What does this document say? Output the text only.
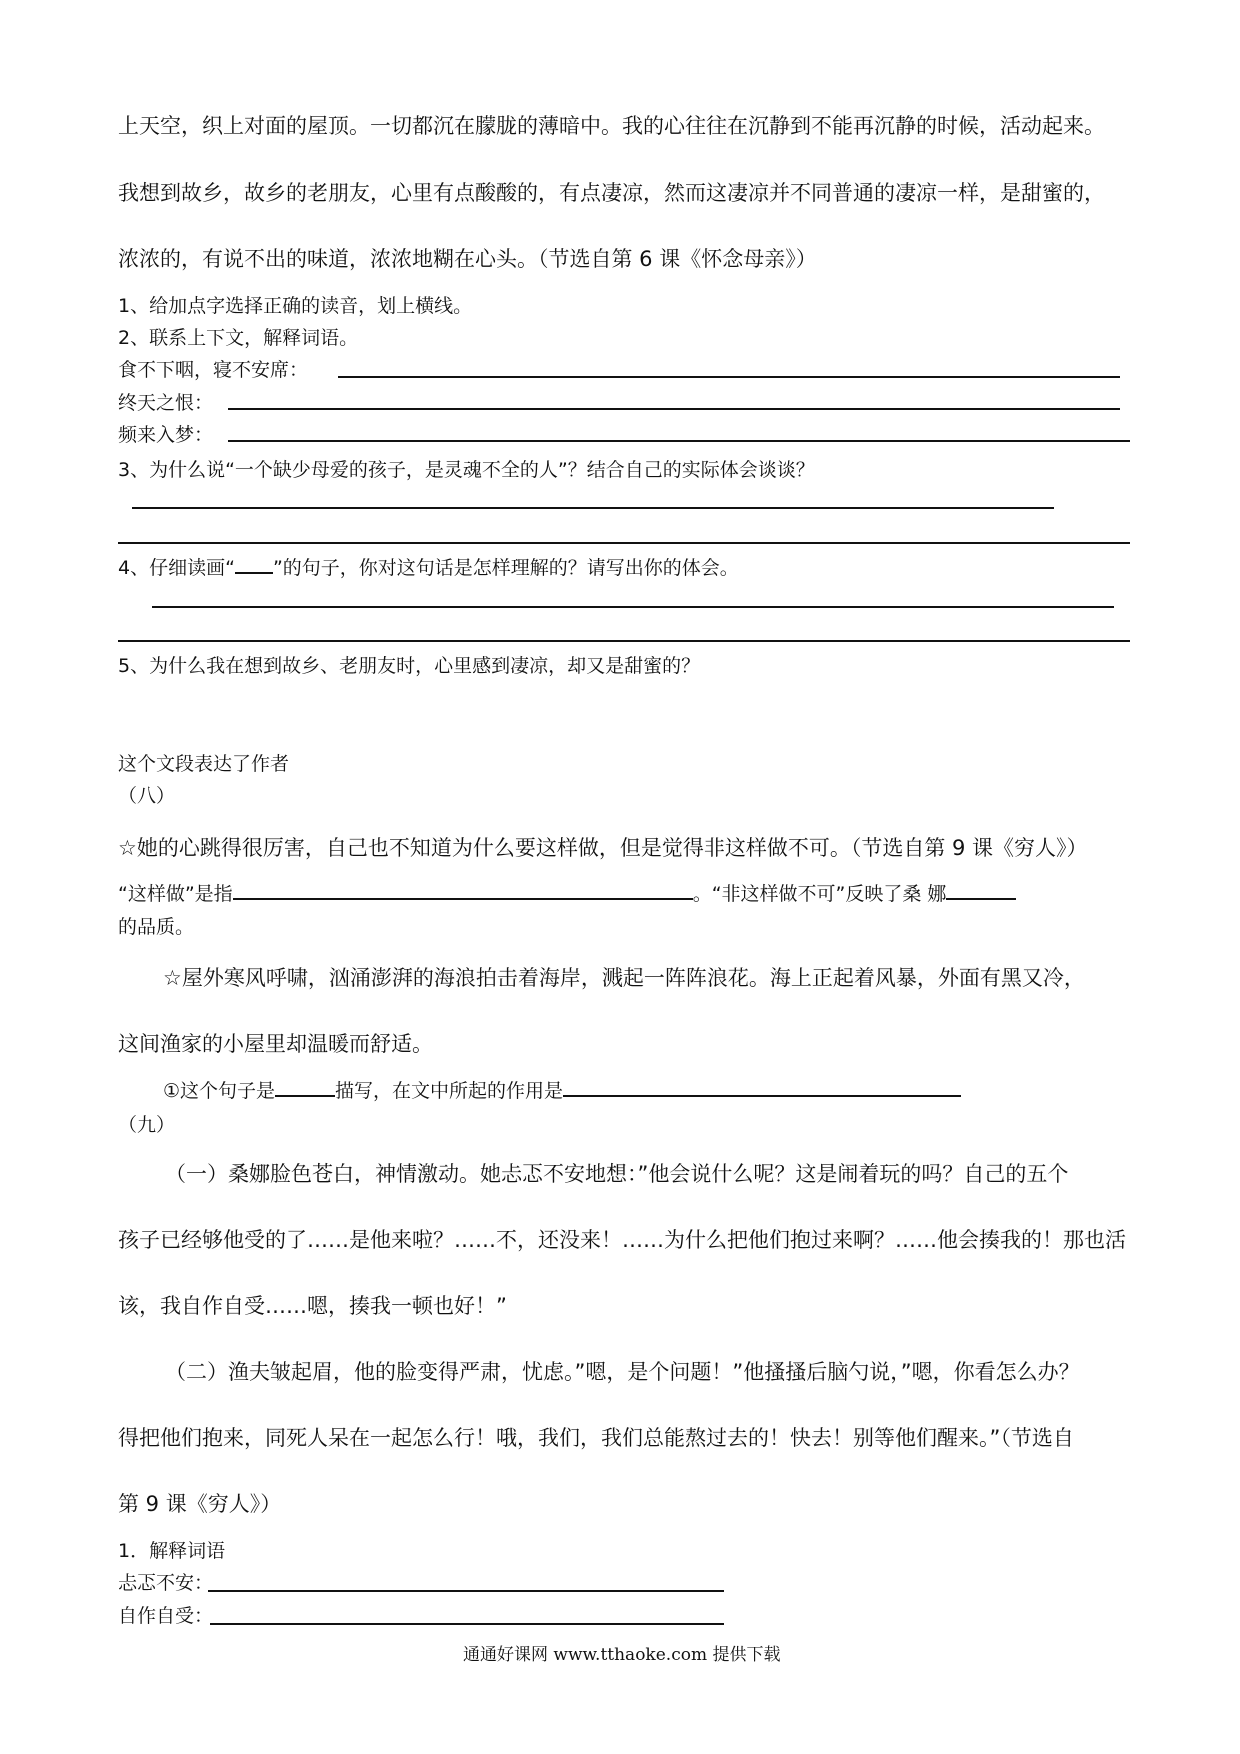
上天空，织上对面的屋顶。一切都沉在朦胧的薄暗中。我的心往往在沉静到不能再沉静的时候，活动起来。
我想到故乡，故乡的老朋友，心里有点酸酸的，有点凄凉，然而这凄凉并不同普通的凄凉一样，是甜蜜的，
浓浓的，有说不出的味道，浓浓地糊在心头。（节选自第 6 课《怀念母亲》）
1、给加点字选择正确的读音，划上横线。
2、联系上下文，解释词语。
食不下咽，寝不安席：
终天之恨：
频来入梦：
3、为什么说“一个缺少母爱的孩子，是灵魂不全的人”？结合自己的实际体会谈谈？
4、仔细读画“ ”的句子，你对这句话是怎样理解的？请写出你的体会。
5、为什么我在想到故乡、老朋友时，心里感到凄凉，却又是甜蜜的？
这个文段表达了作者
（八）
☆她的心跳得很厉害，自己也不知道为什么要这样做，但是觉得非这样做不可。（节选自第 9 课《穷人》）
“这样做”是指	。“非这样做不可”反映了桑 娜
的品质。
☆屋外寒风呼啸，汹涌澎湃的海浪拍击着海岸，溅起一阵阵浪花。海上正起着风暴，外面有黑又冷，
这间渔家的小屋里却温暖而舒适。
①这个句子是	描写，在文中所起的作用是
（九）
（一）桑娜脸色苍白，神情激动。她忐忑不安地想：”他会说什么呢？这是闹着玩的吗？自己的五个
孩子已经够他受的了……是他来啦？……不，还没来！……为什么把他们抱过来啊？……他会揍我的！那也活
该，我自作自受……嗯，揍我一顿也好！”
（二）渔夫皱起眉，他的脸变得严肃，忧虑。”嗯，是个问题！”他搔搔后脑勺说，”嗯，你看怎么办？
得把他们抱来，同死人呆在一起怎么行！哦，我们，我们总能熬过去的！快去！别等他们醒来。”（节选自
第 9 课《穷人》）
1．解释词语
忐忑不安：
自作自受：
通通好课网 www.tthaoke.com 提供下载
